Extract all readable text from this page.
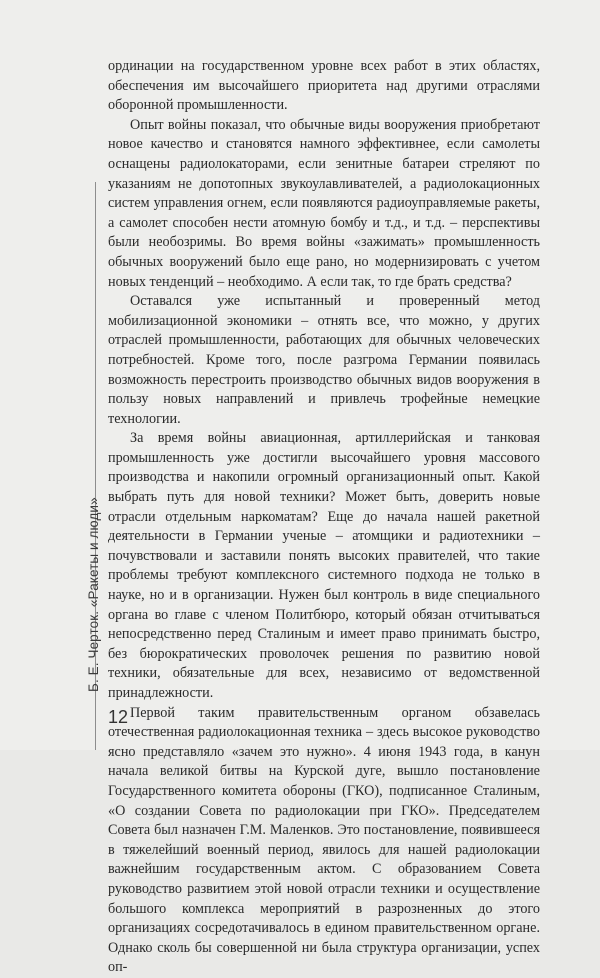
Б. Е. Черток. «Ракеты и люди»

ординации на государственном уровне всех работ в этих областях, обеспечения им высочайшего приоритета над другими отраслями оборонной промышленности.

Опыт войны показал, что обычные виды вооружения приобретают новое качество и становятся намного эффективнее, если самолеты оснащены радиолокаторами, если зенитные батареи стреляют по указаниям не допотопных звукоулавливателей, а радиолокационных систем управления огнем, если появляются радиоуправляемые ракеты, а самолет способен нести атомную бомбу и т.д., и т.д. – перспективы были необозримы. Во время войны «зажимать» промышленность обычных вооружений было еще рано, но модернизировать с учетом новых тенденций – необходимо. А если так, то где брать средства?

Оставался уже испытанный и проверенный метод мобилизационной экономики – отнять все, что можно, у других отраслей промышленности, работающих для обычных человеческих потребностей. Кроме того, после разгрома Германии появилась возможность перестроить производство обычных видов вооружения в пользу новых направлений и привлечь трофейные немецкие технологии.

За время войны авиационная, артиллерийская и танковая промышленность уже достигли высочайшего уровня массового производства и накопили огромный организационный опыт. Какой выбрать путь для новой техники? Может быть, доверить новые отрасли отдельным наркоматам? Еще до начала нашей ракетной деятельности в Германии ученые – атомщики и радиотехники – почувствовали и заставили понять высоких правителей, что такие проблемы требуют комплексного системного подхода не только в науке, но и в организации. Нужен был контроль в виде специального органа во главе с членом Политбюро, который обязан отчитываться непосредственно перед Сталиным и имеет право принимать быстро, без бюрократических проволочек решения по развитию новой техники, обязательные для всех, независимо от ведомственной принадлежности.

Первой таким правительственным органом обзавелась отечественная радиолокационная техника – здесь высокое руководство ясно представляло «зачем это нужно». 4 июня 1943 года, в канун начала великой битвы на Курской дуге, вышло постановление Государственного комитета обороны (ГКО), подписанное Сталиным, «О создании Совета по радиолокации при ГКО». Председателем Совета был назначен Г.М. Маленков. Это постановление, появившееся в тяжелейший военный период, явилось для нашей радиолокации важнейшим государственным актом. С образованием Совета руководство развитием этой новой отрасли техники и осуществление большого комплекса мероприятий в разрозненных до этого организациях сосредотачивалось в едином правительственном органе. Однако сколь бы совершенной ни была структура организации, успех оп-

12
